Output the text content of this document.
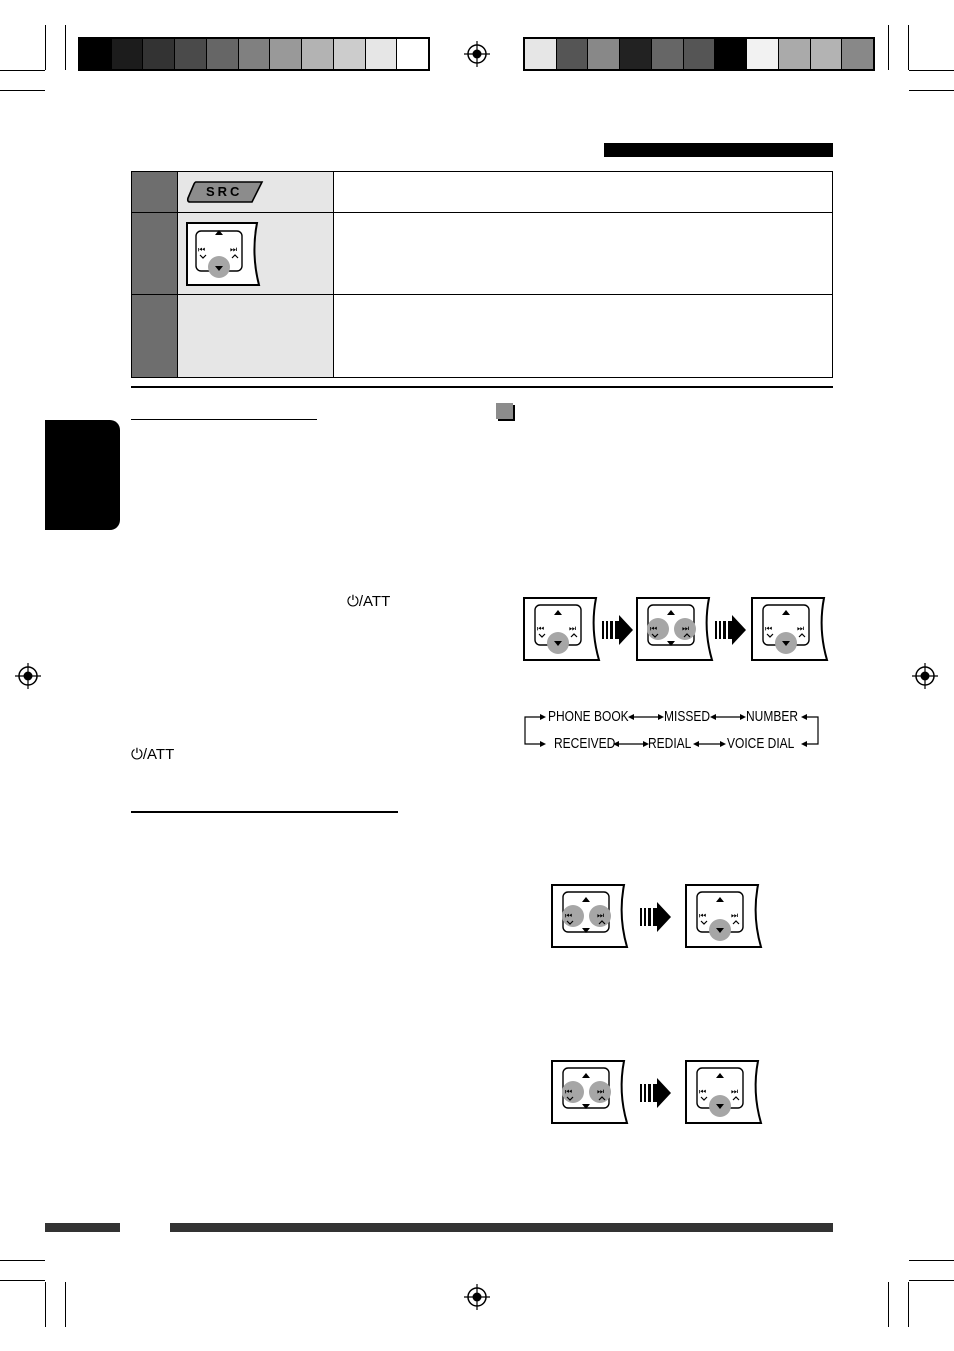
SRC
⏮	⏭
⏻/ATT
⏻/ATT
⏮	⏭	⏮	⏭	⏮	⏭
PHONE BOOK MISSED NUMBER
RECEIVED REDIAL VOICE DIAL
⏮	⏭	⏮	⏭
⏮	⏭	⏮	⏭
